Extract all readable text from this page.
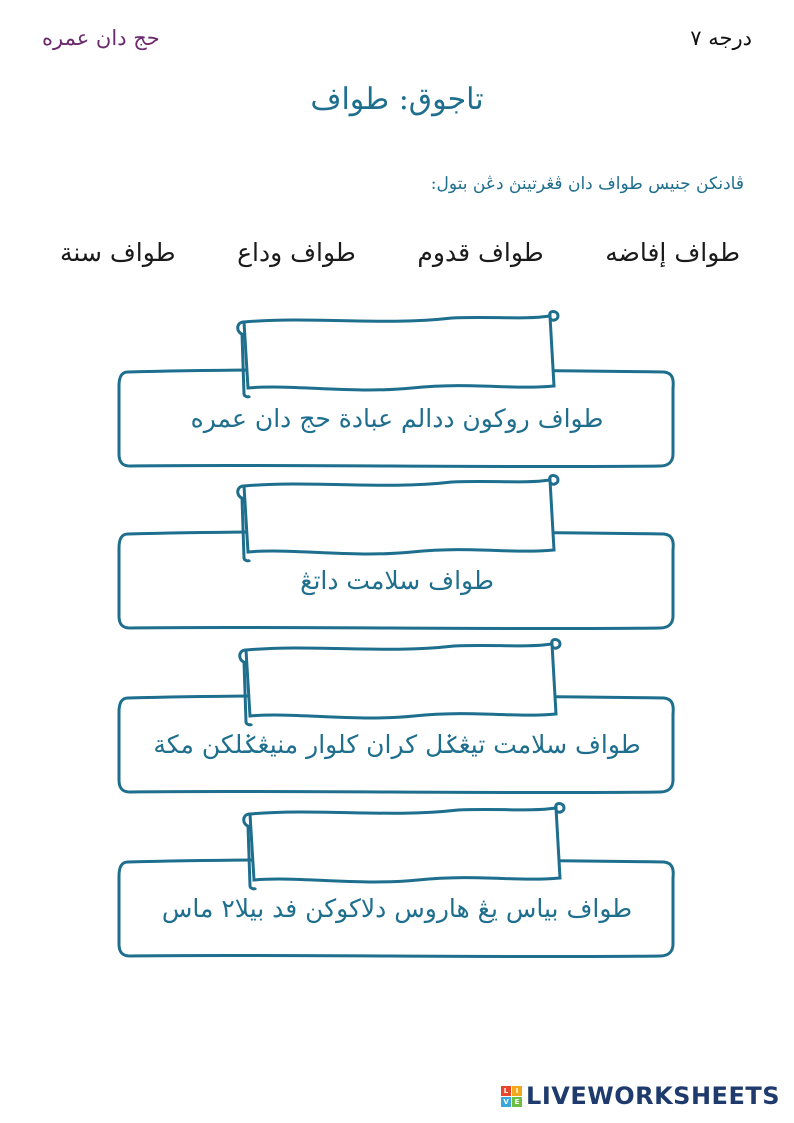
حج دان عمره	درجه ٧
تاجوق: طواف
ڤادنكن جنيس طواف دان ڤڠرتينڽ دڠن بتول:
طواف إفاضه
طواف قدوم
طواف وداع
طواف سنة
طواف روكون ددالم عبادة حج دان عمره
طواف سلامت داتڠ
طواف سلامت تيڠݢل كران كلوار منيڠݢلكن مكة
طواف بياس يڠ هاروس دلاكوكن فد بيلا٢ ماس
L	I
V E LIVEWORKSHEETS
